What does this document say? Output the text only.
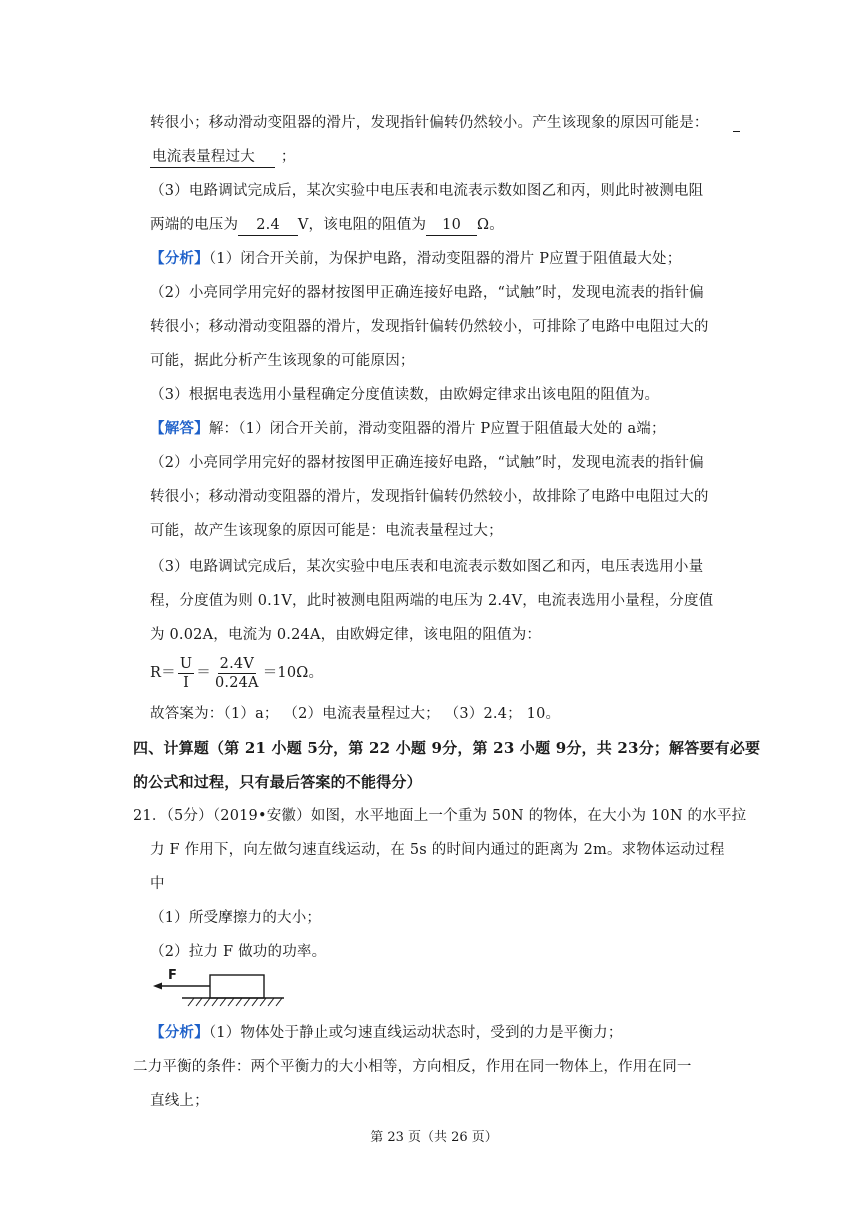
转很小；移动滑动变阻器的滑片，发现指针偏转仍然较小。产生该现象的原因可能是：
电流表量程过大 ；
（3）电路调试完成后，某次实验中电压表和电流表示数如图乙和丙，则此时被测电阻
两端的电压为 2.4 V，该电阻的阻值为 10 Ω。
【分析】（1）闭合开关前，为保护电路，滑动变阻器的滑片 P应置于阻值最大处；
（2）小亮同学用完好的器材按图甲正确连接好电路，“试触”时，发现电流表的指针偏
转很小；移动滑动变阻器的滑片，发现指针偏转仍然较小，可排除了电路中电阻过大的
可能，据此分析产生该现象的可能原因；
（3）根据电表选用小量程确定分度值读数，由欧姆定律求出该电阻的阻值为。
【解答】解：（1）闭合开关前，滑动变阻器的滑片 P应置于阻值最大处的 a端；
（2）小亮同学用完好的器材按图甲正确连接好电路，“试触”时，发现电流表的指针偏
转很小；移动滑动变阻器的滑片，发现指针偏转仍然较小，故排除了电路中电阻过大的
可能，故产生该现象的原因可能是：电流表量程过大；
（3）电路调试完成后，某次实验中电压表和电流表示数如图乙和丙，电压表选用小量
程，分度值为则 0.1V，此时被测电阻两端的电压为 2.4V，电流表选用小量程，分度值
为 0.02A，电流为 0.24A，由欧姆定律，该电阻的阻值为：
$R= \frac{U}{I} = \frac{2.4V}{0.24A} =10\Omega$。
故答案为：（1）a； （2）电流表量程过大； （3）2.4； 10。
四、计算题（第 21 小题 5分，第 22 小题 9分，第 23 小题 9分，共 23分；解答要有必要
的公式和过程，只有最后答案的不能得分）
21．（5分）（2019•安徽）如图，水平地面上一个重为 50N 的物体，在大小为 10N 的水平拉
力 F 作用下，向左做匀速直线运动，在 5s 的时间内通过的距离为 2m。求物体运动过程
中
（1）所受摩擦力的大小；
（2）拉力 F 做功的功率。
F
【分析】（1）物体处于静止或匀速直线运动状态时，受到的力是平衡力；
二力平衡的条件：两个平衡力的大小相等，方向相反，作用在同一物体上，作用在同一
直线上；
第 23 页（共 26 页）
